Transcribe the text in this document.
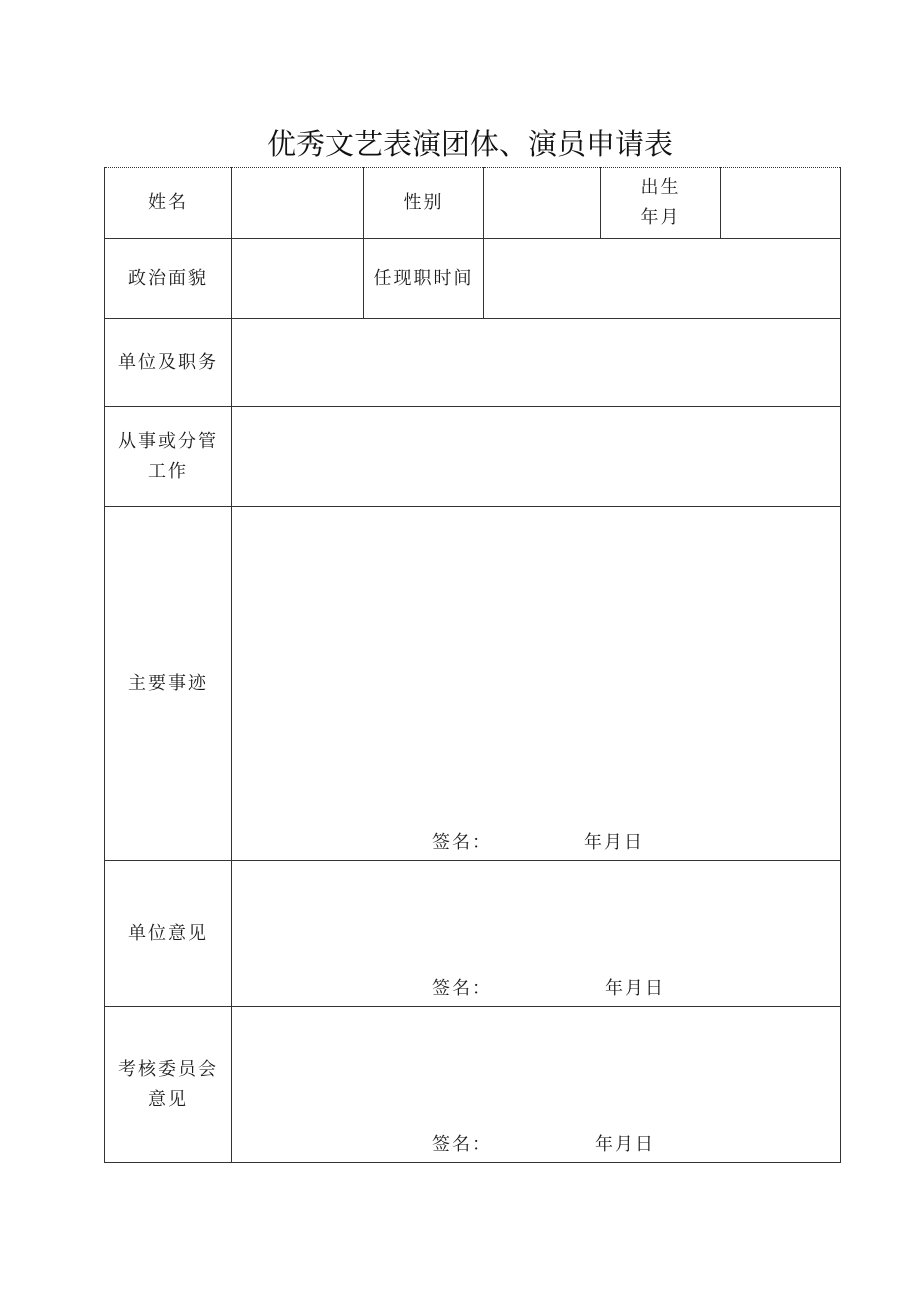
优秀文艺表演团体、演员申请表
姓名		性别		出生
年月	
政治面貌		任现职时间			
单位及职务					
从事或分管
工作					
主要事迹	签名： 年月日				

单位意见	签名： 年月日				

考核委员会
意见	签名： 年月日				
